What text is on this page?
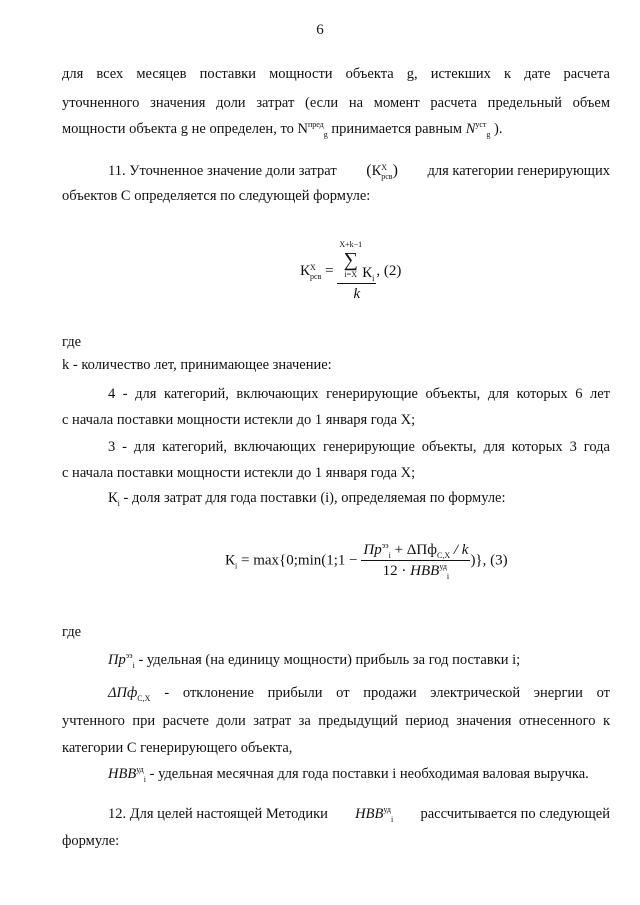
6
для всех месяцев поставки мощности объекта g, истекших к дате расчета
уточненного значения доли затрат (если на момент расчета предельный объем
мощности объекта g не определен, то $N^{пред}_g$ принимается равным $N^{уст}_g$ ).
11. Уточненное значение доли затрат (К X
рсв ) для категории генерирующих
объектов С определяется по следующей формуле:
К X
рсв = X+k−1
∑
i=X $К_i$
k , (2)
где
k - количество лет, принимающее значение:
4 - для категорий, включающих генерирующие объекты, для которых 6 лет
с начала поставки мощности истекли до 1 января года X;
3 - для категорий, включающих генерирующие объекты, для которых 3 года
с начала поставки мощности истекли до 1 января года X;
$К_i$ - доля затрат для года поставки (i), определяемая по формуле:
$К_i$ = max{0;min(1;1 − $\frac{Пр^{ээ}_i + \Delta Пф_{C,X} / k}{12 \cdot НВВ^{уд}_i}$ )}, (3)
где
$Пр^{ээ}_i$ - удельная (на единицу мощности) прибыль за год поставки i;
ΔПф$_{C,X}$ - отклонение прибыли от продажи электрической энергии от
учтенного при расчете доли затрат за предыдущий период значения отнесенного к
категории С генерирующего объекта,
$НВВ^{уд}_i$ - удельная месячная для года поставки i необходимая валовая выручка.
12. Для целей настоящей Методики $НВВ^{уд}_i$ рассчитывается по следующей
формуле:
